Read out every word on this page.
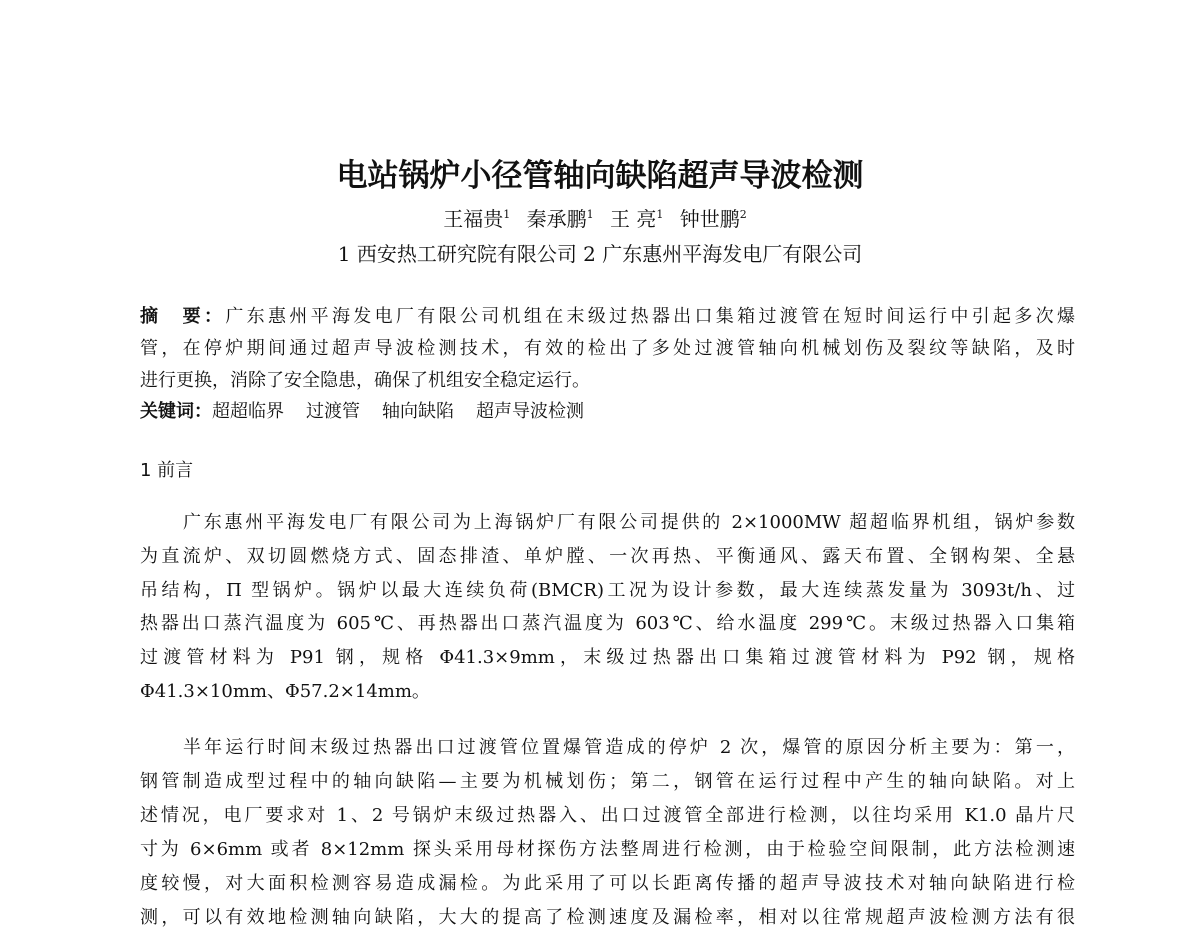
电站锅炉小径管轴向缺陷超声导波检测
王福贵$^1$ 秦承鹏$^1$ 王 亮$^1$ 钟世鹏$^2$
1 西安热工研究院有限公司 2 广东惠州平海发电厂有限公司
摘　要：广东惠州平海发电厂有限公司机组在末级过热器出口集箱过渡管在短时间运行中引起多次爆
管，在停炉期间通过超声导波检测技术，有效的检出了多处过渡管轴向机械划伤及裂纹等缺陷，及时
进行更换，消除了安全隐患，确保了机组安全稳定运行。
关键词：超超临界 过渡管 轴向缺陷 超声导波检测
1 前言
广东惠州平海发电厂有限公司为上海锅炉厂有限公司提供的 2×1000MW 超超临界机组，锅炉参数
为直流炉、双切圆燃烧方式、固态排渣、单炉膛、一次再热、平衡通风、露天布置、全钢构架、全悬
吊结构，Π 型锅炉。锅炉以最大连续负荷(BMCR)工况为设计参数，最大连续蒸发量为 3093t/h、过
热器出口蒸汽温度为 605℃、再热器出口蒸汽温度为 603℃、给水温度 299℃。末级过热器入口集箱
过渡管材料为 P91 钢，规格 Φ41.3×9mm，末级过热器出口集箱过渡管材料为 P92 钢，规格
Φ41.3×10mm、Φ57.2×14mm。
半年运行时间末级过热器出口过渡管位置爆管造成的停炉 2 次，爆管的原因分析主要为：第一，
钢管制造成型过程中的轴向缺陷—主要为机械划伤；第二，钢管在运行过程中产生的轴向缺陷。对上
述情况，电厂要求对 1、2 号锅炉末级过热器入、出口过渡管全部进行检测，以往均采用 K1.0 晶片尺
寸为 6×6mm 或者 8×12mm 探头采用母材探伤方法整周进行检测，由于检验空间限制，此方法检测速
度较慢，对大面积检测容易造成漏检。为此采用了可以长距离传播的超声导波技术对轴向缺陷进行检
测，可以有效地检测轴向缺陷，大大的提高了检测速度及漏检率，相对以往常规超声波检测方法有很
